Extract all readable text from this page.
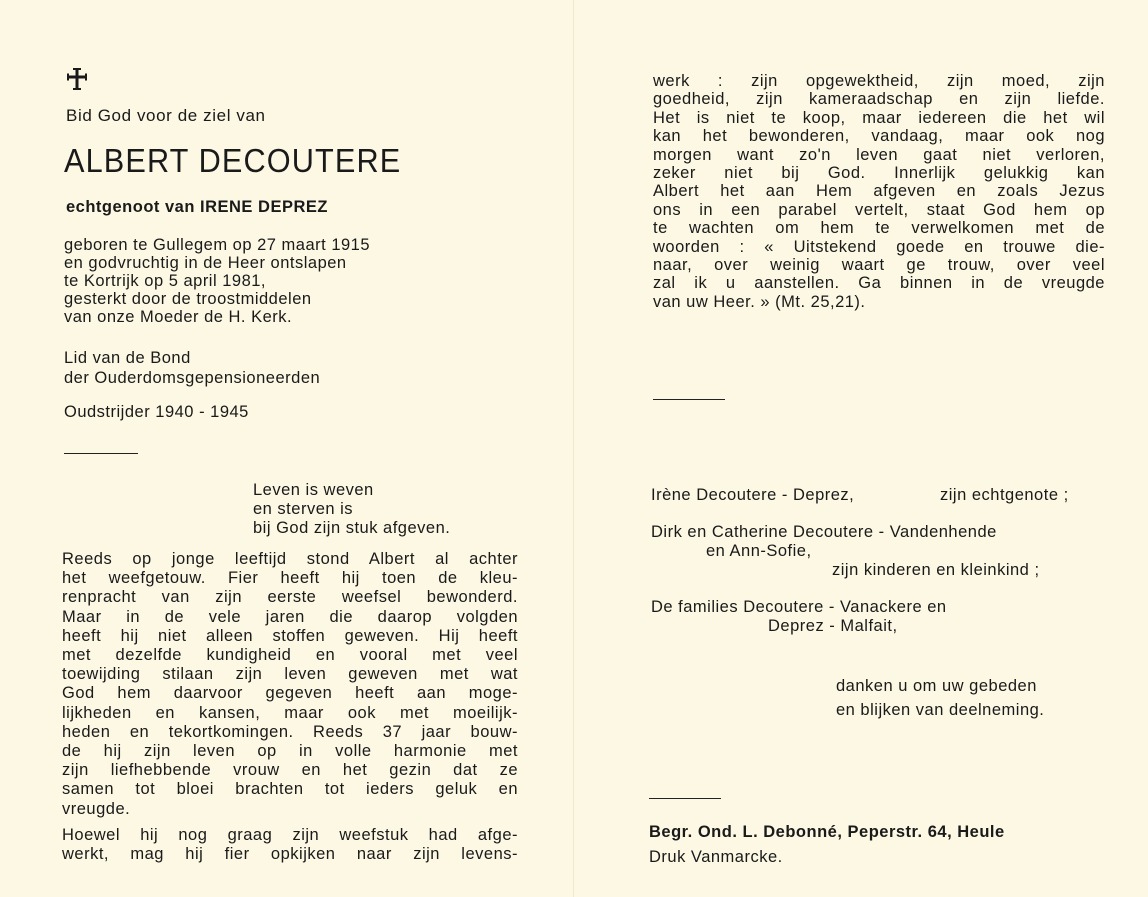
Bid God voor de ziel van
ALBERT DECOUTERE
echtgenoot van IRENE DEPREZ
geboren te Gullegem op 27 maart 1915
en godvruchtig in de Heer ontslapen
te Kortrijk op 5 april 1981,
gesterkt door de troostmiddelen
van onze Moeder de H. Kerk.
Lid van de Bond
der Ouderdomsgepensioneerden
Oudstrijder 1940 - 1945
Leven is weven
en sterven is
bij God zijn stuk afgeven.
Reeds op jonge leeftijd stond Albert al achter
het weefgetouw. Fier heeft hij toen de kleu-
renpracht van zijn eerste weefsel bewonderd.
Maar in de vele jaren die daarop volgden
heeft hij niet alleen stoffen geweven. Hij heeft
met dezelfde kundigheid en vooral met veel
toewijding stilaan zijn leven geweven met wat
God hem daarvoor gegeven heeft aan moge-
lijkheden en kansen, maar ook met moeilijk-
heden en tekortkomingen. Reeds 37 jaar bouw-
de hij zijn leven op in volle harmonie met
zijn liefhebbende vrouw en het gezin dat ze
samen tot bloei brachten tot ieders geluk en
vreugde.
Hoewel hij nog graag zijn weefstuk had afge-
werkt, mag hij fier opkijken naar zijn levens-
werk : zijn opgewektheid, zijn moed, zijn
goedheid, zijn kameraadschap en zijn liefde.
Het is niet te koop, maar iedereen die het wil
kan het bewonderen, vandaag, maar ook nog
morgen want zo'n leven gaat niet verloren,
zeker niet bij God. Innerlijk gelukkig kan
Albert het aan Hem afgeven en zoals Jezus
ons in een parabel vertelt, staat God hem op
te wachten om hem te verwelkomen met de
woorden : « Uitstekend goede en trouwe die-
naar, over weinig waart ge trouw, over veel
zal ik u aanstellen. Ga binnen in de vreugde
van uw Heer. » (Mt. 25,21).
Irène Decoutere - Deprez,	zijn echtgenote ;
Dirk en Catherine Decoutere - Vandenhende
en Ann-Sofie,
zijn kinderen en kleinkind ;
De families Decoutere - Vanackere en
Deprez - Malfait,
danken u om uw gebeden
en blijken van deelneming.
Begr. Ond. L. Debonné, Peperstr. 64, Heule
Druk Vanmarcke.
